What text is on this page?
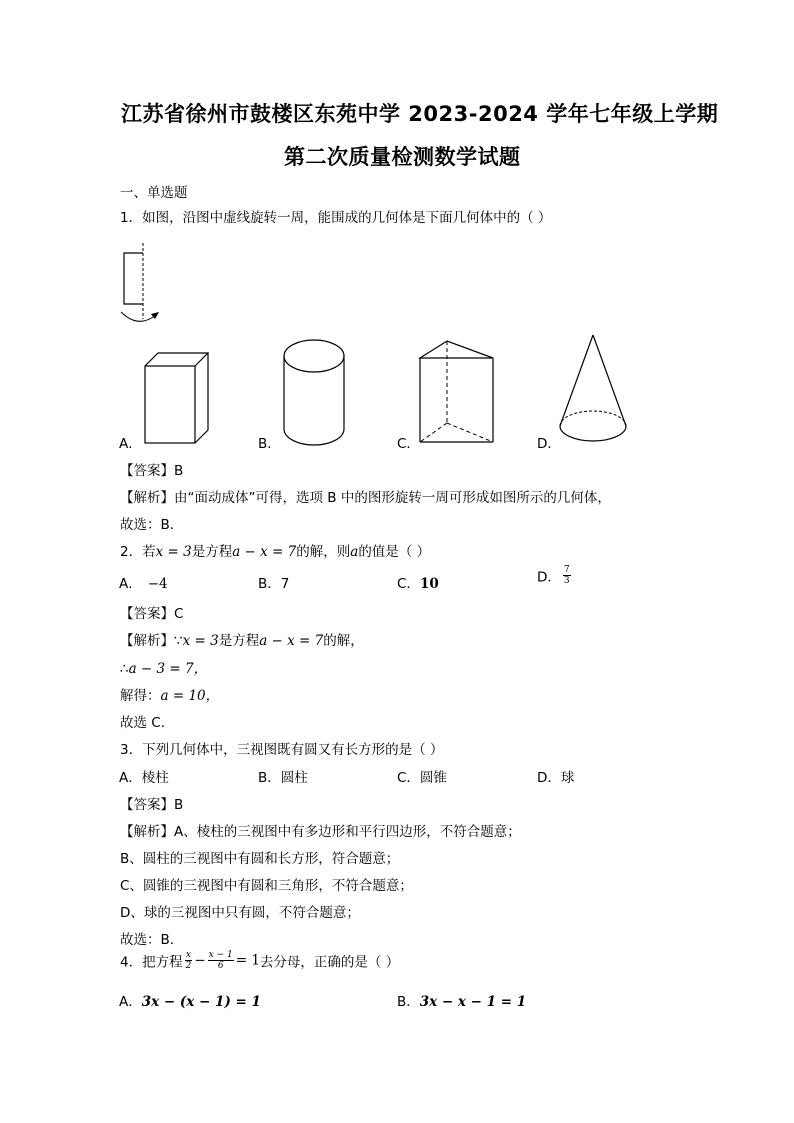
江苏省徐州市鼓楼区东苑中学 2023-2024 学年七年级上学期
第二次质量检测数学试题
一、单选题
1．如图，沿图中虚线旋转一周，能围成的几何体是下面几何体中的（ ）
A．	B．	C．	D．
【答案】B
【解析】由“面动成体”可得，选项 B 中的图形旋转一周可形成如图所示的几何体，
故选：B．
2．若x = 3是方程a − x = 7的解，则a的值是（ ）
A． −4	B．7	C．10	D． $\frac{7}{3}$
【答案】C
【解析】∵x = 3是方程a − x = 7的解，
∴a − 3 = 7，
解得：a = 10，
故选 C.
3．下列几何体中，三视图既有圆又有长方形的是（ ）
A．棱柱	B．圆柱	C．圆锥	D．球
【答案】B
【解析】A、棱柱的三视图中有多边形和平行四边形，不符合题意；
B、圆柱的三视图中有圆和长方形，符合题意；
C、圆锥的三视图中有圆和三角形，不符合题意；
D、球的三视图中只有圆，不符合题意；
故选：B.
4．把方程 $\frac{x}{2} - \frac{x - 1}{6} = 1$去分母，正确的是（ ）
A．3x − (x − 1) = 1	B．3x − x − 1 = 1
